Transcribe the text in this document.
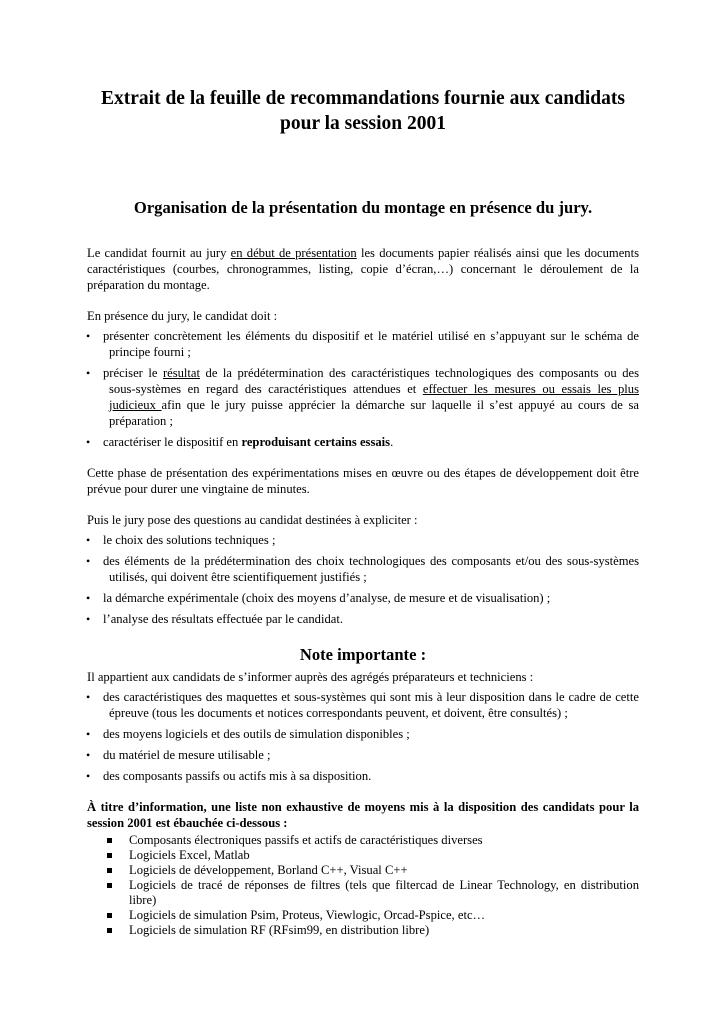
Extrait de la feuille de recommandations fournie aux candidats
pour la session 2001
Organisation de la présentation du montage en présence du jury.

Le candidat fournit au jury en début de présentation les documents papier réalisés ainsi que les documents caractéristiques (courbes, chronogrammes, listing, copie d’écran,…) concernant le déroulement de la préparation du montage.

En présence du jury, le candidat doit :

• présenter concrètement les éléments du dispositif et le matériel utilisé en s’appuyant sur le schéma de principe fourni ;
• préciser le résultat de la prédétermination des caractéristiques technologiques des composants ou des sous-systèmes en regard des caractéristiques attendues et effectuer les mesures ou essais les plus judicieux afin que le jury puisse apprécier la démarche sur laquelle il s’est appuyé au cours de sa préparation ;
• caractériser le dispositif en reproduisant certains essais.

Cette phase de présentation des expérimentations mises en œuvre ou des étapes de développement doit être prévue pour durer une vingtaine de minutes.

Puis le jury pose des questions au candidat destinées à expliciter :

• le choix des solutions techniques ;
• des éléments de la prédétermination des choix technologiques des composants et/ou des sous-systèmes utilisés, qui doivent être scientifiquement justifiés ;
• la démarche expérimentale (choix des moyens d’analyse, de mesure et de visualisation) ;
• l’analyse des résultats effectuée par le candidat.
Note importante :

Il appartient aux candidats de s’informer auprès des agrégés préparateurs et techniciens :

• des caractéristiques des maquettes et sous-systèmes qui sont mis à leur disposition dans le cadre de cette épreuve (tous les documents et notices correspondants peuvent, et doivent, être consultés) ;
• des moyens logiciels et des outils de simulation disponibles ;
• du matériel de mesure utilisable ;
• des composants passifs ou actifs mis à sa disposition.

À titre d’information, une liste non exhaustive de moyens mis à la disposition des candidats pour la session 2001 est ébauchée ci-dessous :

Composants électroniques passifs et actifs de caractéristiques diverses
Logiciels Excel, Matlab
Logiciels de développement, Borland C++, Visual C++
Logiciels de tracé de réponses de filtres (tels que filtercad de Linear Technology, en distribution libre)
Logiciels de simulation Psim, Proteus, Viewlogic, Orcad-Pspice, etc…
Logiciels de simulation RF (RFsim99, en distribution libre)
